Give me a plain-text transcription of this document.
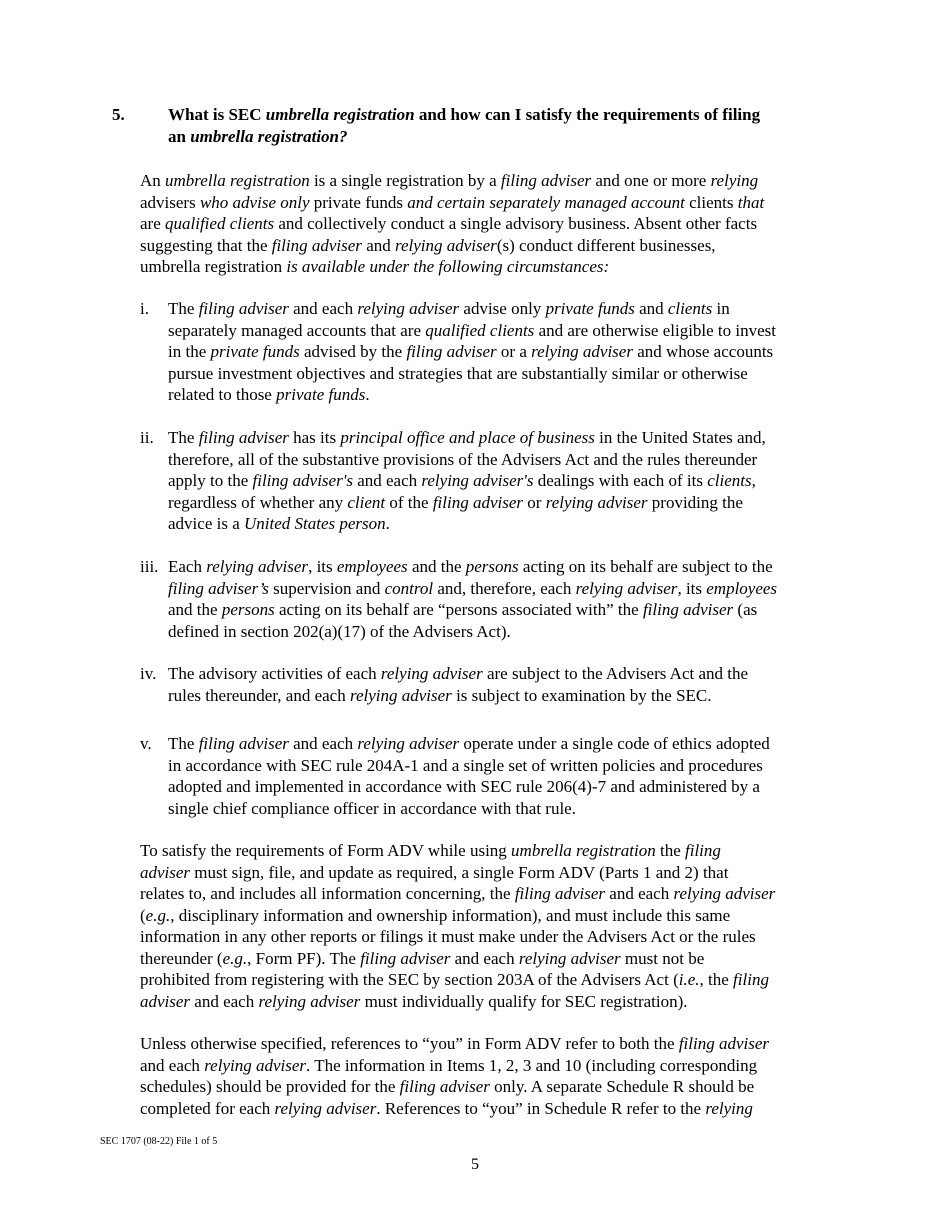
5.	What is SEC umbrella registration and how can I satisfy the requirements of filing
an umbrella registration?
An umbrella registration is a single registration by a filing adviser and one or more relying
advisers who advise only private funds and certain separately managed account clients that
are qualified clients and collectively conduct a single advisory business. Absent other facts
suggesting that the filing adviser and relying adviser(s) conduct different businesses,
umbrella registration is available under the following circumstances:
i. The filing adviser and each relying adviser advise only private funds and clients in
separately managed accounts that are qualified clients and are otherwise eligible to invest
in the private funds advised by the filing adviser or a relying adviser and whose accounts
pursue investment objectives and strategies that are substantially similar or otherwise
related to those private funds.
ii. The filing adviser has its principal office and place of business in the United States and,
therefore, all of the substantive provisions of the Advisers Act and the rules thereunder
apply to the filing adviser's and each relying adviser's dealings with each of its clients,
regardless of whether any client of the filing adviser or relying adviser providing the
advice is a United States person.
iii. Each relying adviser, its employees and the persons acting on its behalf are subject to the
filing adviser’s supervision and control and, therefore, each relying adviser, its employees
and the persons acting on its behalf are “persons associated with” the filing adviser (as
defined in section 202(a)(17) of the Advisers Act).
iv. The advisory activities of each relying adviser are subject to the Advisers Act and the
rules thereunder, and each relying adviser is subject to examination by the SEC.
v. The filing adviser and each relying adviser operate under a single code of ethics adopted
in accordance with SEC rule 204A-1 and a single set of written policies and procedures
adopted and implemented in accordance with SEC rule 206(4)-7 and administered by a
single chief compliance officer in accordance with that rule.
To satisfy the requirements of Form ADV while using umbrella registration the filing
adviser must sign, file, and update as required, a single Form ADV (Parts 1 and 2) that
relates to, and includes all information concerning, the filing adviser and each relying adviser
(e.g., disciplinary information and ownership information), and must include this same
information in any other reports or filings it must make under the Advisers Act or the rules
thereunder (e.g., Form PF). The filing adviser and each relying adviser must not be
prohibited from registering with the SEC by section 203A of the Advisers Act (i.e., the filing
adviser and each relying adviser must individually qualify for SEC registration).
Unless otherwise specified, references to “you” in Form ADV refer to both the filing adviser
and each relying adviser. The information in Items 1, 2, 3 and 10 (including corresponding
schedules) should be provided for the filing adviser only. A separate Schedule R should be
completed for each relying adviser. References to “you” in Schedule R refer to the relying
SEC 1707 (08-22) File 1 of 5
5
